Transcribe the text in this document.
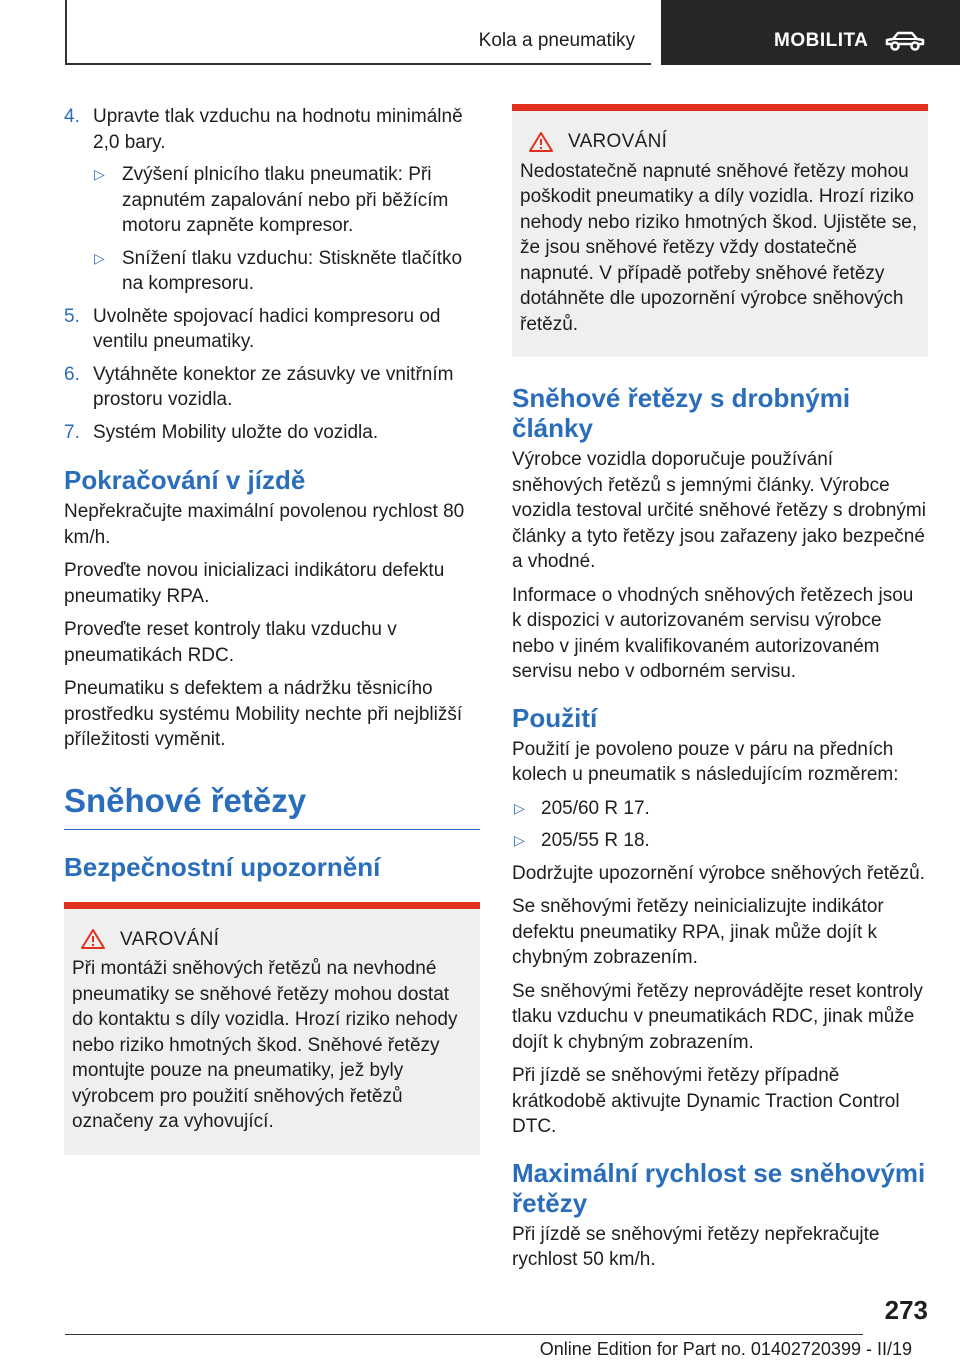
Kola a pneumatiky	MOBILITA
4. Upravte tlak vzduchu na hodnotu minimálně 2,0 bary.
▷ Zvýšení plnicího tlaku pneumatik: Při zapnutém zapalování nebo při běžícím motoru zapněte kompresor.
▷ Snížení tlaku vzduchu: Stiskněte tlačítko na kompresoru.
5. Uvolněte spojovací hadici kompresoru od ventilu pneumatiky.
6. Vytáhněte konektor ze zásuvky ve vnitřním prostoru vozidla.
7. Systém Mobility uložte do vozidla.
Pokračování v jízdě

Nepřekračujte maximální povolenou rychlost 80 km/h.

Proveďte novou inicializaci indikátoru defektu pneumatiky RPA.

Proveďte reset kontroly tlaku vzduchu v pneumatikách RDC.

Pneumatiku s defektem a nádržku těsnicího prostředku systému Mobility nechte při nejbližší příležitosti vyměnit.

Sněhové řetězy
Bezpečnostní upozornění
VAROVÁNÍ
Při montáži sněhových řetězů na nevhodné pneumatiky se sněhové řetězy mohou dostat do kontaktu s díly vozidla. Hrozí riziko nehody nebo riziko hmotných škod. Sněhové řetězy montujte pouze na pneumatiky, jež byly výrobcem pro použití sněhových řetězů označeny za vyhovující.
VAROVÁNÍ
Nedostatečně napnuté sněhové řetězy mohou poškodit pneumatiky a díly vozidla. Hrozí riziko nehody nebo riziko hmotných škod. Ujistěte se, že jsou sněhové řetězy vždy dostatečně napnuté. V případě potřeby sněhové řetězy dotáhněte dle upozornění výrobce sněhových řetězů.
Sněhové řetězy s drobnými články

Výrobce vozidla doporučuje používání sněhových řetězů s jemnými články. Výrobce vozidla testoval určité sněhové řetězy s drobnými články a tyto řetězy jsou zařazeny jako bezpečné a vhodné.

Informace o vhodných sněhových řetězech jsou k dispozici v autorizovaném servisu výrobce nebo v jiném kvalifikovaném autorizovaném servisu nebo v odborném servisu.

Použití

Použití je povoleno pouze v páru na předních kolech u pneumatik s následujícím rozměrem:

▷ 205/60 R 17.
▷ 205/55 R 18.

Dodržujte upozornění výrobce sněhových řetězů.

Se sněhovými řetězy neinicializujte indikátor defektu pneumatiky RPA, jinak může dojít k chybným zobrazením.

Se sněhovými řetězy neprovádějte reset kontroly tlaku vzduchu v pneumatikách RDC, jinak může dojít k chybným zobrazením.

Při jízdě se sněhovými řetězy případně krátkodobě aktivujte Dynamic Traction Control DTC.

Maximální rychlost se sněhovými řetězy

Při jízdě se sněhovými řetězy nepřekračujte rychlost 50 km/h.

273
Online Edition for Part no. 01402720399 - II/19
